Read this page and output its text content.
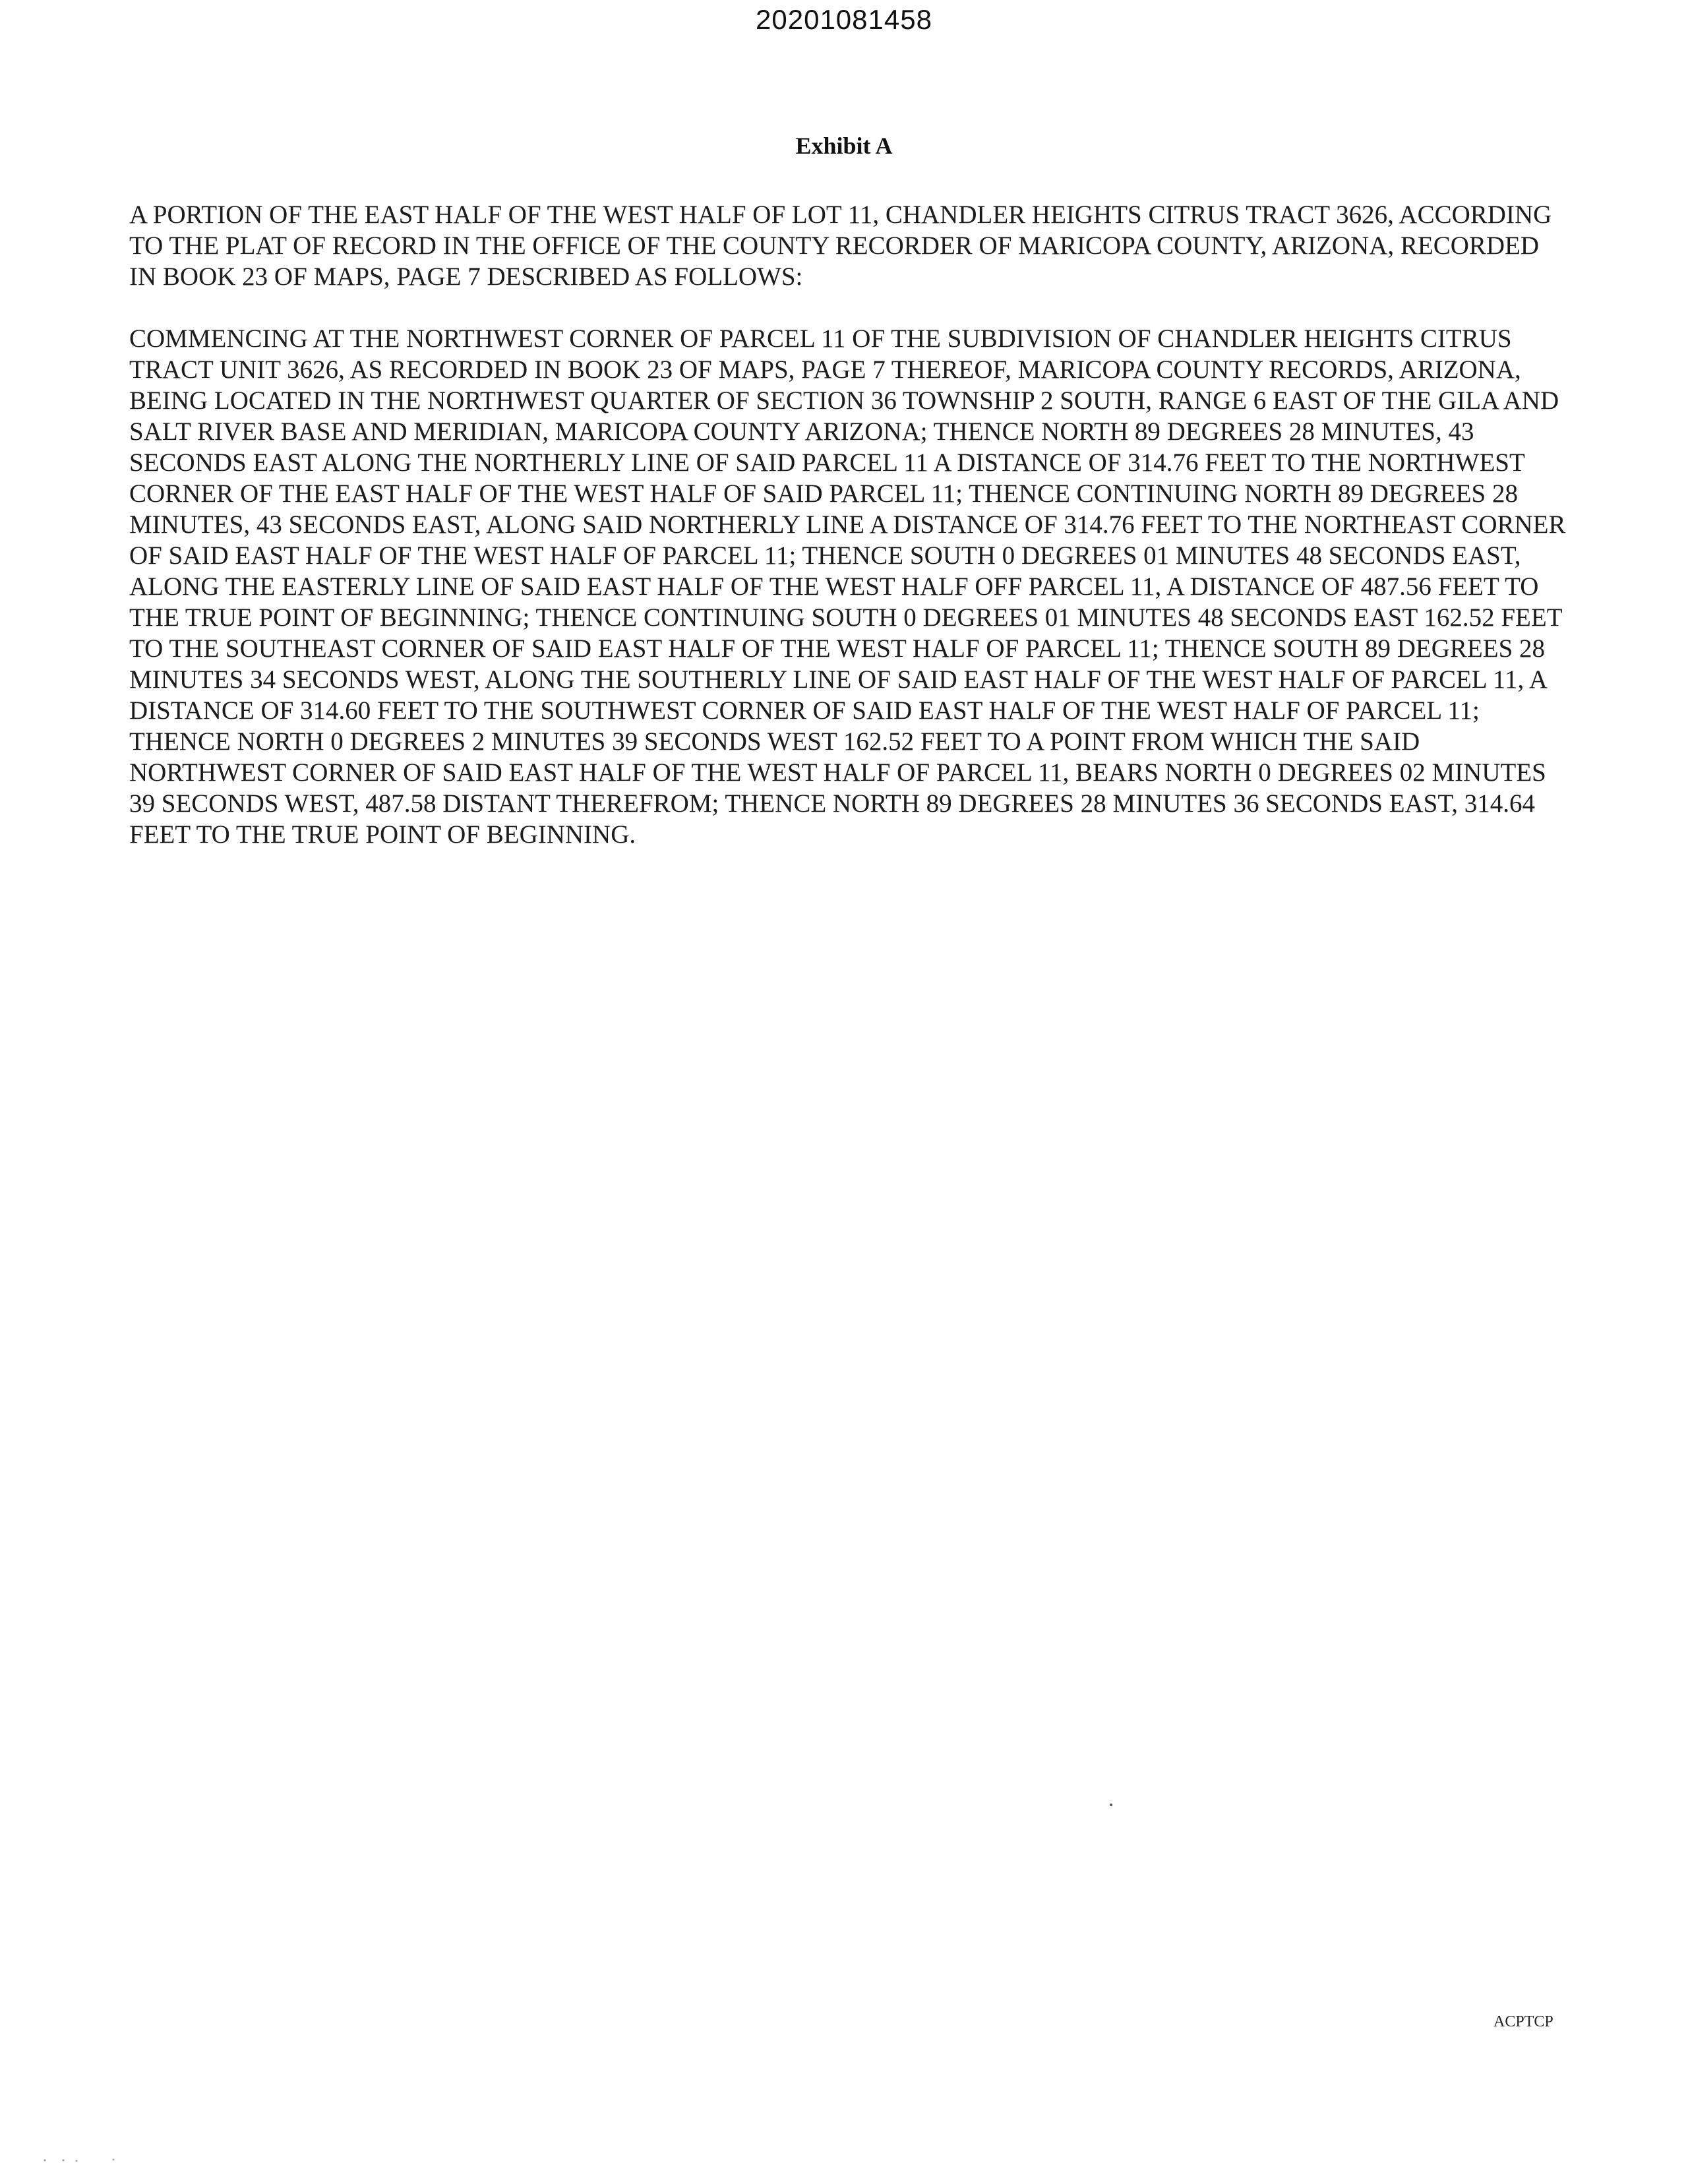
20201081458
Exhibit A

A PORTION OF THE EAST HALF OF THE WEST HALF OF LOT 11, CHANDLER HEIGHTS CITRUS TRACT 3626, ACCORDING TO THE PLAT OF RECORD IN THE OFFICE OF THE COUNTY RECORDER OF MARICOPA COUNTY, ARIZONA, RECORDED IN BOOK 23 OF MAPS, PAGE 7 DESCRIBED AS FOLLOWS:

COMMENCING AT THE NORTHWEST CORNER OF PARCEL 11 OF THE SUBDIVISION OF CHANDLER HEIGHTS CITRUS TRACT UNIT 3626, AS RECORDED IN BOOK 23 OF MAPS, PAGE 7 THEREOF, MARICOPA COUNTY RECORDS, ARIZONA, BEING LOCATED IN THE NORTHWEST QUARTER OF SECTION 36 TOWNSHIP 2 SOUTH, RANGE 6 EAST OF THE GILA AND SALT RIVER BASE AND MERIDIAN, MARICOPA COUNTY ARIZONA; THENCE NORTH 89 DEGREES 28 MINUTES, 43 SECONDS EAST ALONG THE NORTHERLY LINE OF SAID PARCEL 11 A DISTANCE OF 314.76 FEET TO THE NORTHWEST CORNER OF THE EAST HALF OF THE WEST HALF OF SAID PARCEL 11; THENCE CONTINUING NORTH 89 DEGREES 28 MINUTES, 43 SECONDS EAST, ALONG SAID NORTHERLY LINE A DISTANCE OF 314.76 FEET TO THE NORTHEAST CORNER OF SAID EAST HALF OF THE WEST HALF OF PARCEL 11; THENCE SOUTH 0 DEGREES 01 MINUTES 48 SECONDS EAST, ALONG THE EASTERLY LINE OF SAID EAST HALF OF THE WEST HALF OFF PARCEL 11, A DISTANCE OF 487.56 FEET TO THE TRUE POINT OF BEGINNING; THENCE CONTINUING SOUTH 0 DEGREES 01 MINUTES 48 SECONDS EAST 162.52 FEET TO THE SOUTHEAST CORNER OF SAID EAST HALF OF THE WEST HALF OF PARCEL 11; THENCE SOUTH 89 DEGREES 28 MINUTES 34 SECONDS WEST, ALONG THE SOUTHERLY LINE OF SAID EAST HALF OF THE WEST HALF OF PARCEL 11, A DISTANCE OF 314.60 FEET TO THE SOUTHWEST CORNER OF SAID EAST HALF OF THE WEST HALF OF PARCEL 11; THENCE NORTH 0 DEGREES 2 MINUTES 39 SECONDS WEST 162.52 FEET TO A POINT FROM WHICH THE SAID NORTHWEST CORNER OF SAID EAST HALF OF THE WEST HALF OF PARCEL 11, BEARS NORTH 0 DEGREES 02 MINUTES 39 SECONDS WEST, 487.58 DISTANT THEREFROM; THENCE NORTH 89 DEGREES 28 MINUTES 36 SECONDS EAST, 314.64 FEET TO THE TRUE POINT OF BEGINNING.

ACPTCP
